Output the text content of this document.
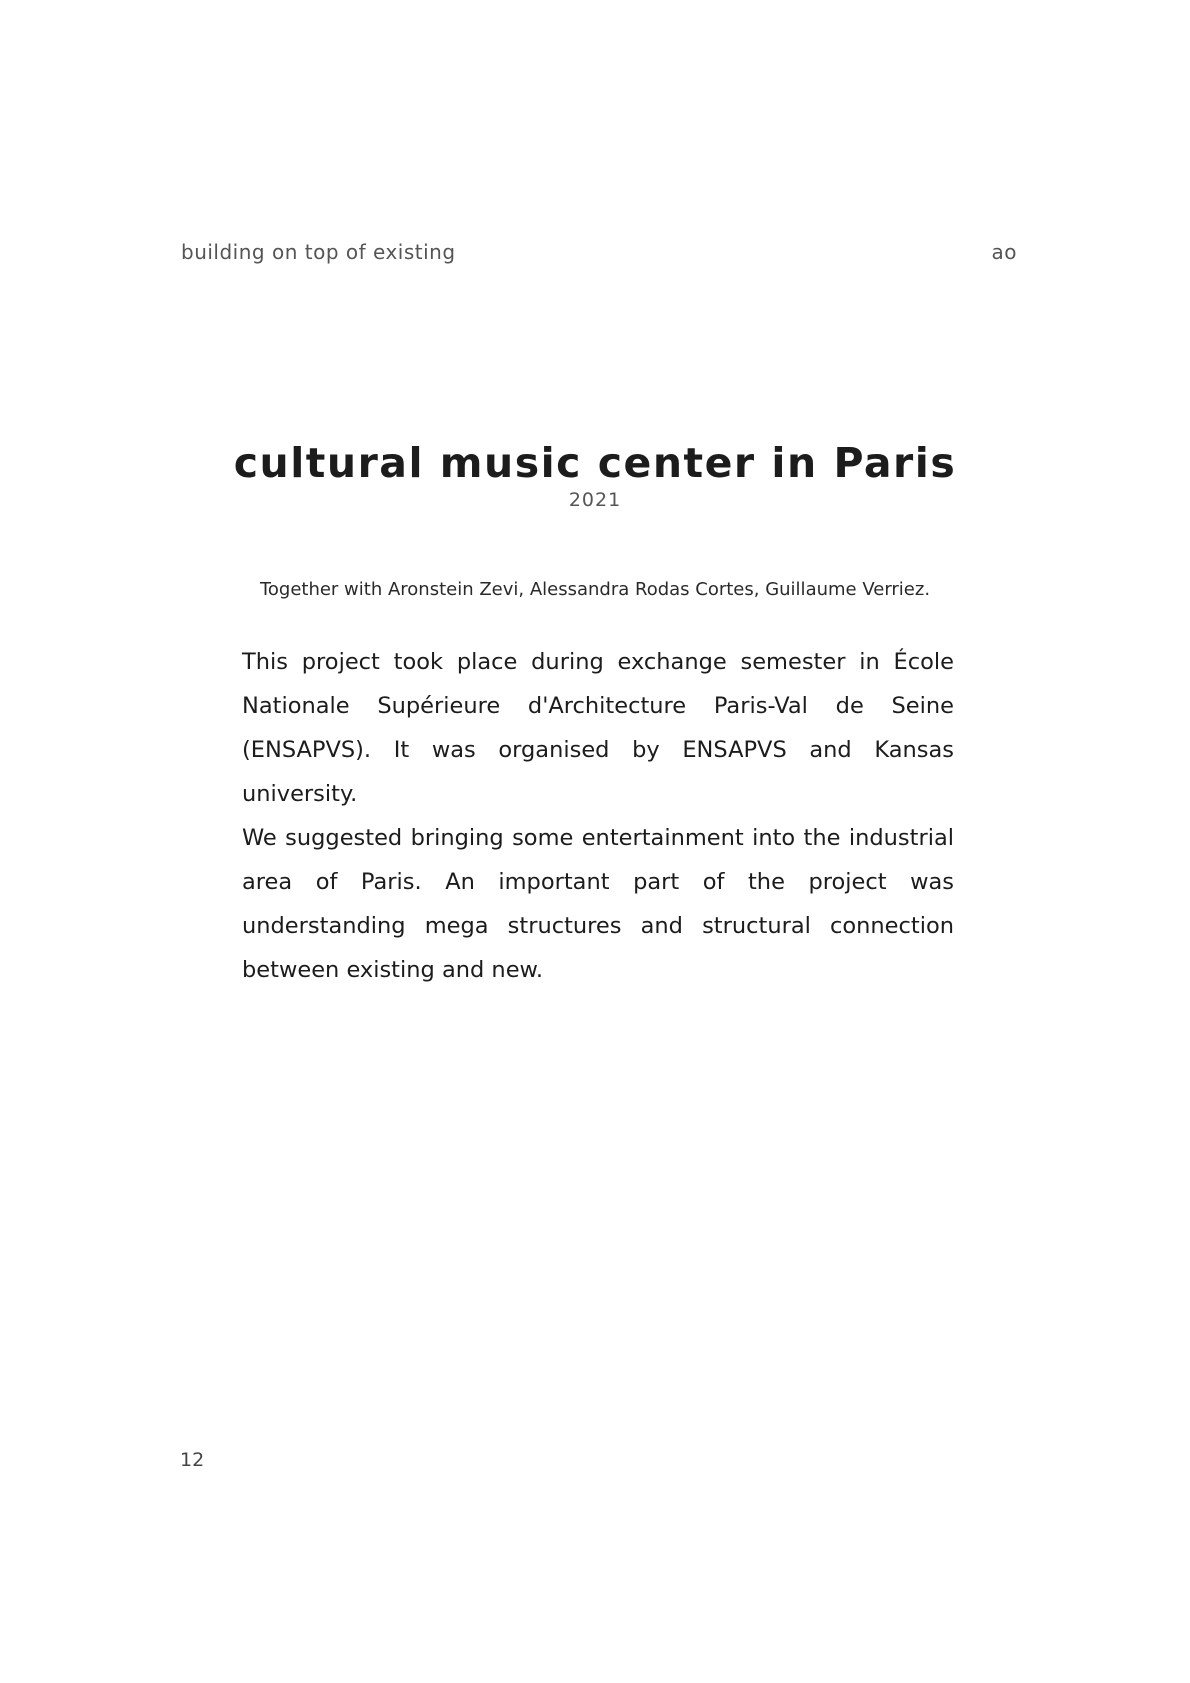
building on top of existing	ao
cultural music center in Paris
2021
Together with Aronstein Zevi, Alessandra Rodas Cortes, Guillaume Verriez.

This project took place during exchange semester in École Nationale Supérieure d'Architecture Paris-Val de Seine (ENSAPVS). It was organised by ENSAPVS and Kansas university.

We suggested bringing some entertainment into the industrial area of Paris. An important part of the project was understanding mega structures and structural connection between existing and new.

12
